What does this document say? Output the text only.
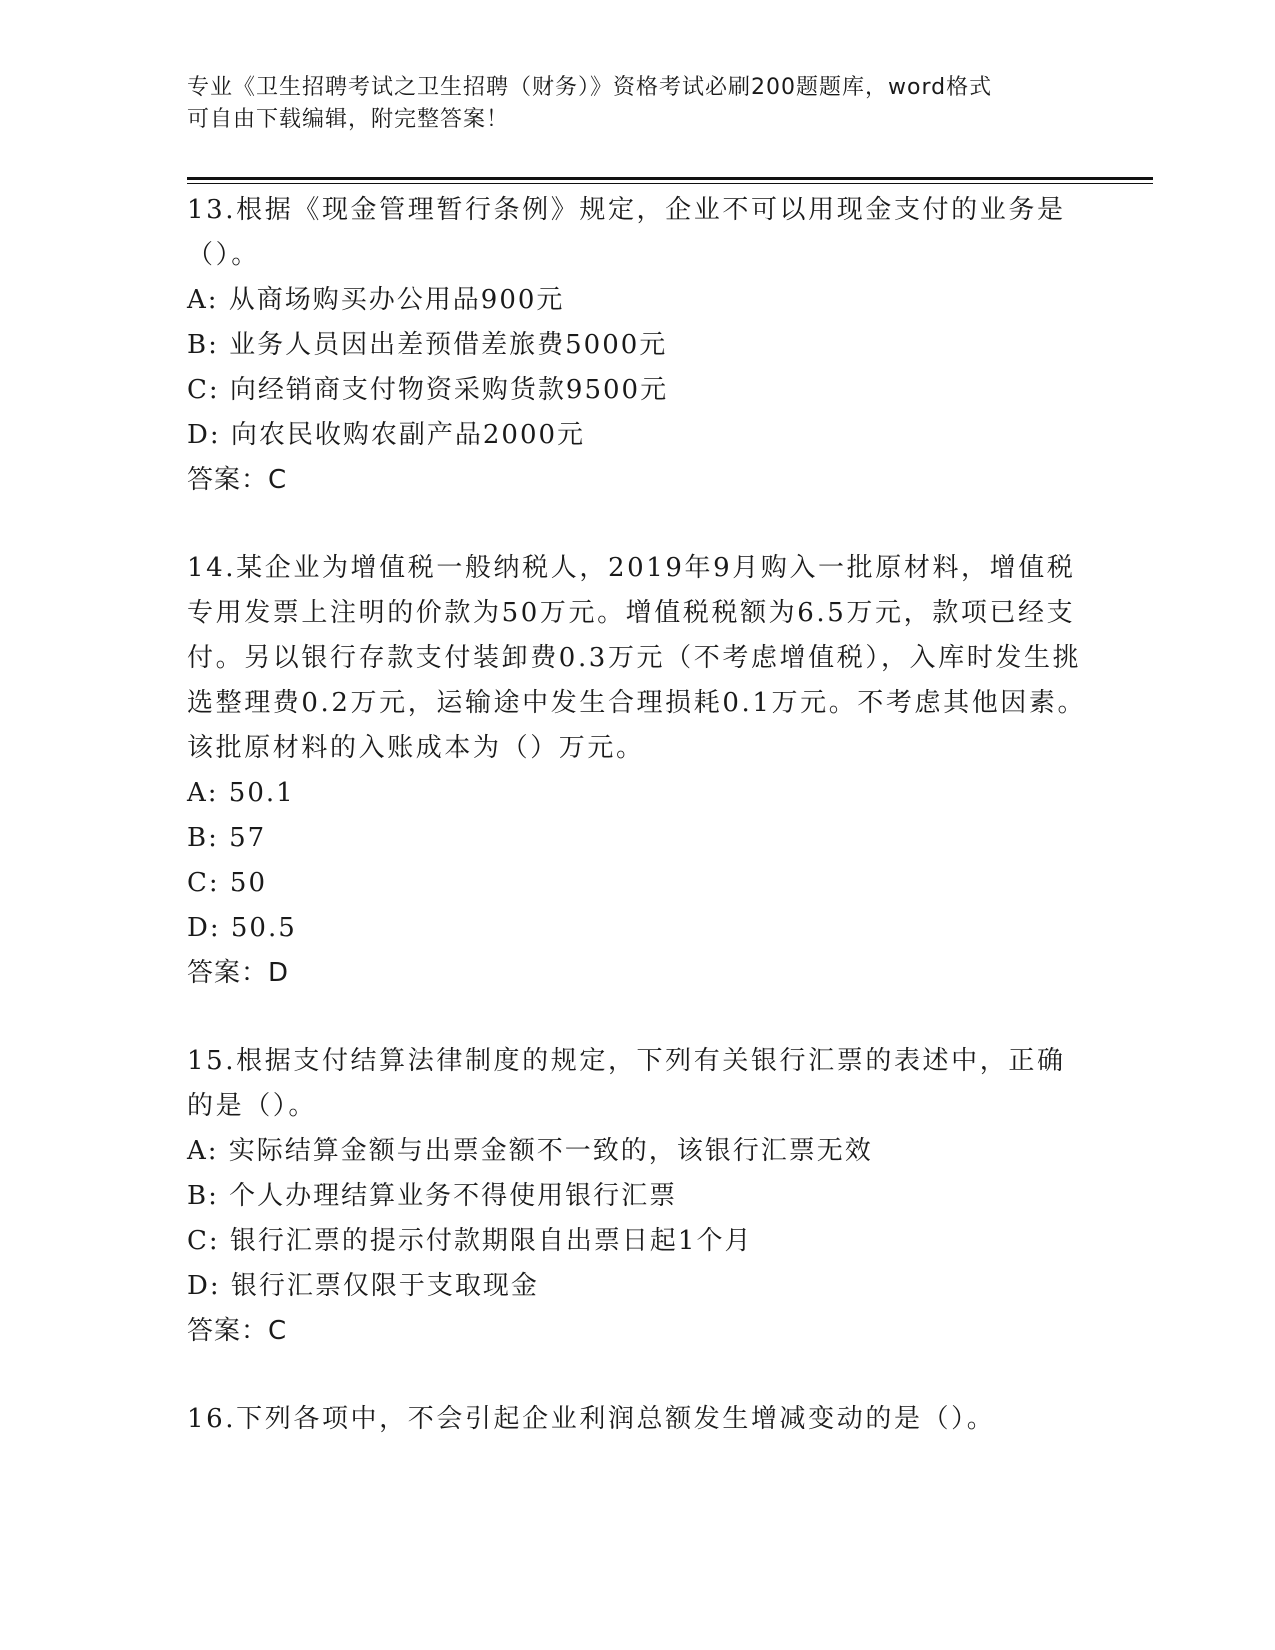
专业《卫生招聘考试之卫生招聘（财务）》资格考试必刷200题题库，word格式
可自由下载编辑，附完整答案！

13.根据《现金管理暂行条例》规定，企业不可以用现金支付的业务是（）。

A: 从商场购买办公用品900元

B: 业务人员因出差预借差旅费5000元

C: 向经销商支付物资采购货款9500元

D: 向农民收购农副产品2000元

答案：C

14.某企业为增值税一般纳税人，2019年9月购入一批原材料，增值税专用发票上注明的价款为50万元。增值税税额为6.5万元，款项已经支付。另以银行存款支付装卸费0.3万元（不考虑增值税），入库时发生挑选整理费0.2万元，运输途中发生合理损耗0.1万元。不考虑其他因素。该批原材料的入账成本为（）万元。

A: 50.1

B: 57

C: 50

D: 50.5

答案：D

15.根据支付结算法律制度的规定，下列有关银行汇票的表述中，正确的是（）。

A: 实际结算金额与出票金额不一致的，该银行汇票无效

B: 个人办理结算业务不得使用银行汇票

C: 银行汇票的提示付款期限自出票日起1个月

D: 银行汇票仅限于支取现金

答案：C

16.下列各项中，不会引起企业利润总额发生增减变动的是（）。
